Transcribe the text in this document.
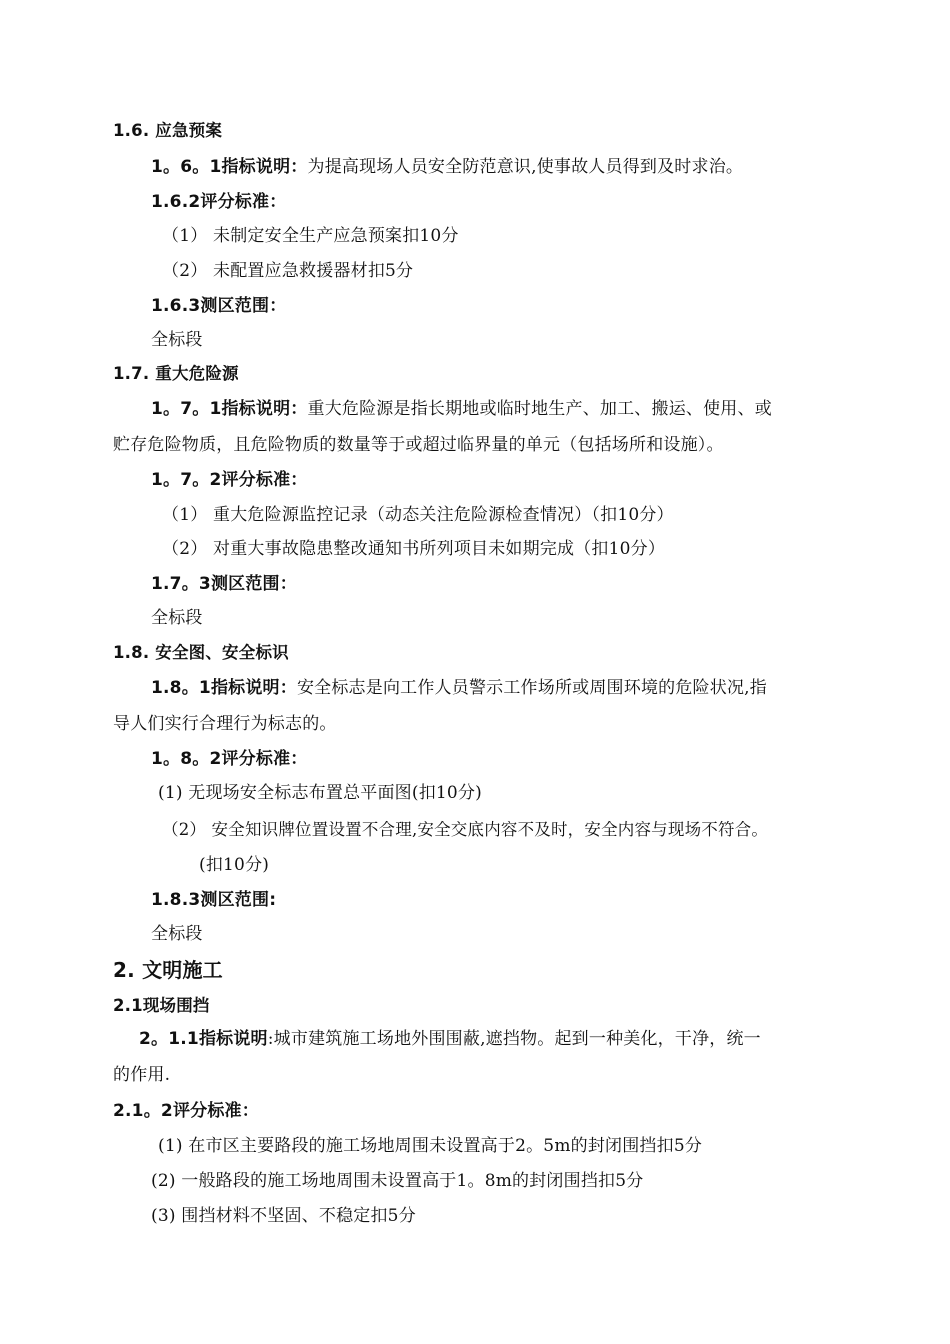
1.6. 应急预案
1。6。1指标说明：为提高现场人员安全防范意识,使事故人员得到及时求治。
1.6.2评分标准：
（1） 未制定安全生产应急预案扣10分
（2） 未配置应急救援器材扣5分
1.6.3测区范围：
全标段
1.7. 重大危险源
1。7。1指标说明：重大危险源是指长期地或临时地生产、加工、搬运、使用、或
贮存危险物质，且危险物质的数量等于或超过临界量的单元（包括场所和设施）。
1。7。2评分标准：
（1） 重大危险源监控记录（动态关注危险源检查情况）（扣10分）
（2） 对重大事故隐患整改通知书所列项目未如期完成（扣10分）
1.7。3测区范围：
全标段
1.8. 安全图、安全标识
1.8。1指标说明：安全标志是向工作人员警示工作场所或周围环境的危险状况,指
导人们实行合理行为标志的。
1。8。2评分标准：
(1) 无现场安全标志布置总平面图(扣10分)
（2） 安全知识牌位置设置不合理,安全交底内容不及时，安全内容与现场不符合。
(扣10分)
1.8.3测区范围:
全标段
2. 文明施工
2.1现场围挡
2。1.1指标说明:城市建筑施工场地外围围蔽,遮挡物。起到一种美化，干净，统一
的作用.
2.1。2评分标准：
(1) 在市区主要路段的施工场地周围未设置高于2。5m的封闭围挡扣5分
(2) 一般路段的施工场地周围未设置高于1。8m的封闭围挡扣5分
(3) 围挡材料不坚固、不稳定扣5分
